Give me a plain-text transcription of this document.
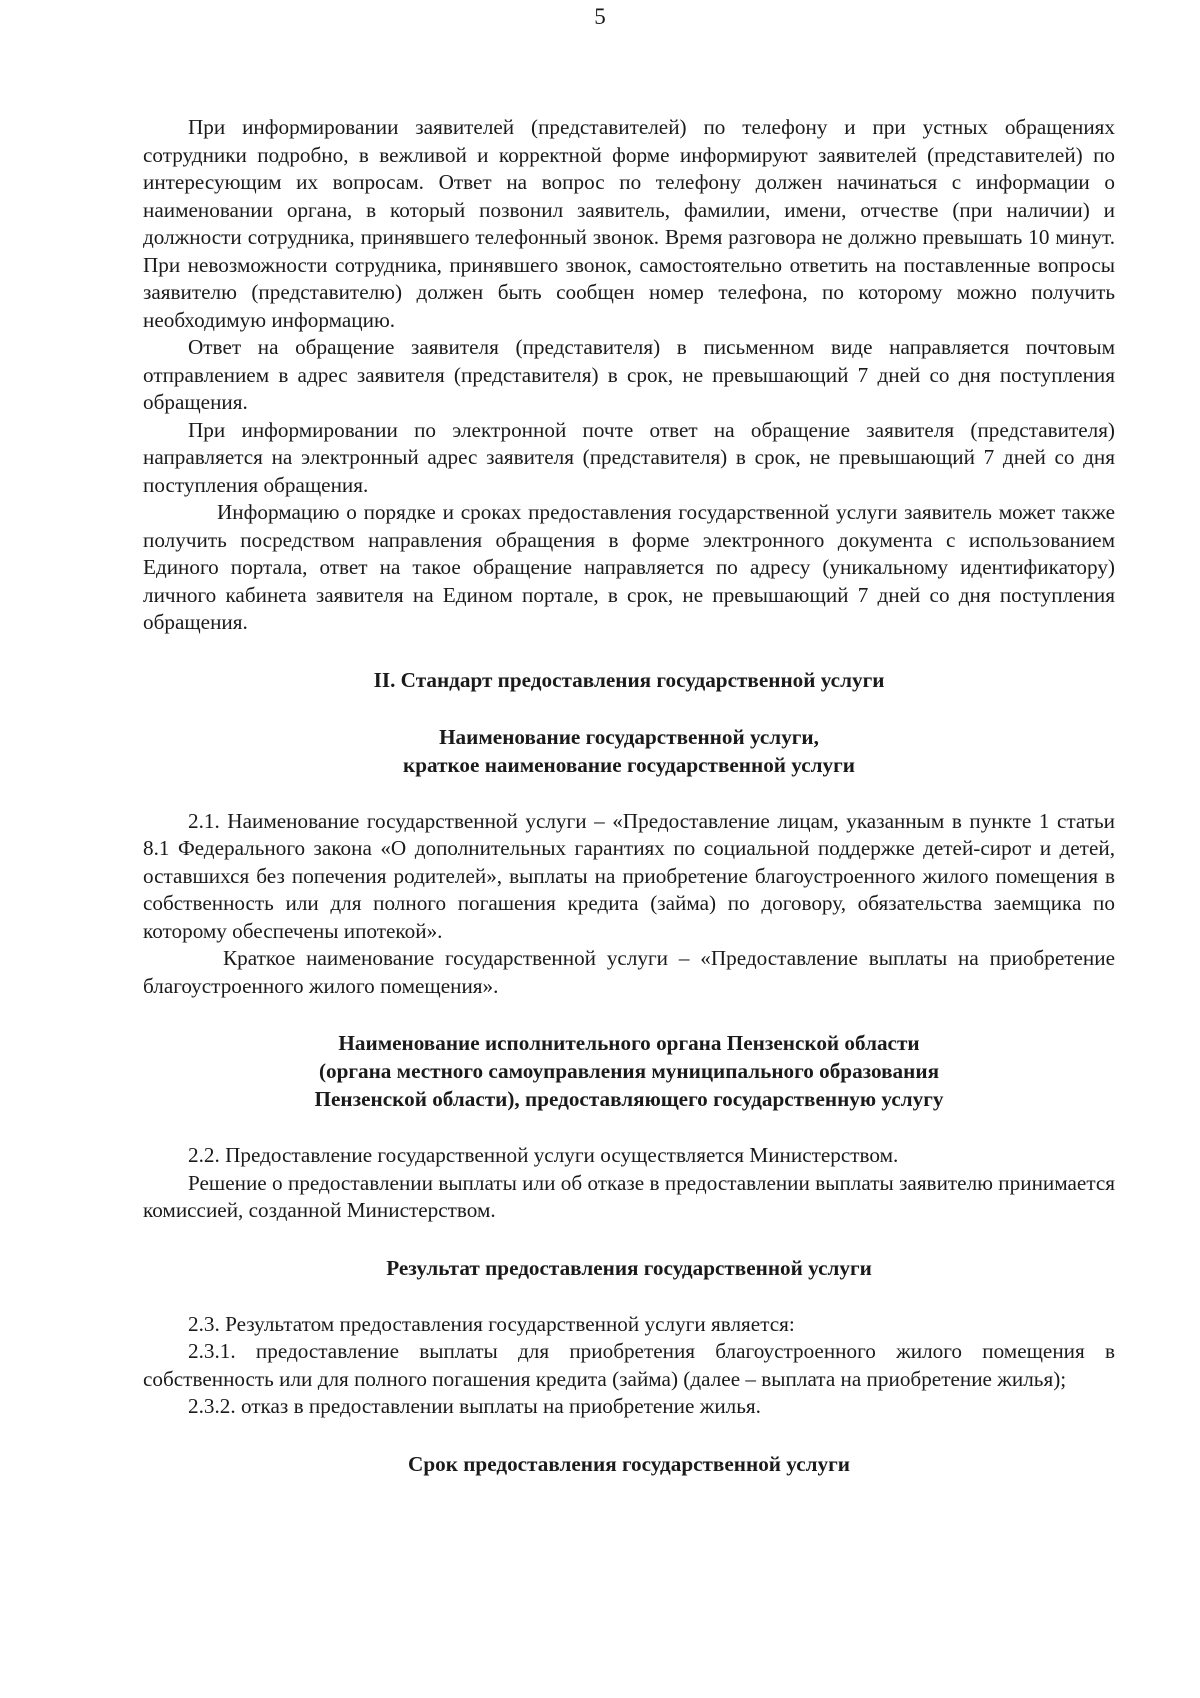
5

При информировании заявителей (представителей) по телефону и при устных обращениях сотрудники подробно, в вежливой и корректной форме информируют заявителей (представителей) по интересующим их вопросам. Ответ на вопрос по телефону должен начинаться с информации о наименовании органа, в который позвонил заявитель, фамилии, имени, отчестве (при наличии) и должности сотрудника, принявшего телефонный звонок. Время разговора не должно превышать 10 минут. При невозможности сотрудника, принявшего звонок, самостоятельно ответить на поставленные вопросы заявителю (представителю) должен быть сообщен номер телефона, по которому можно получить необходимую информацию.

Ответ на обращение заявителя (представителя) в письменном виде направляется почтовым отправлением в адрес заявителя (представителя) в срок, не превышающий 7 дней со дня поступления обращения.

При информировании по электронной почте ответ на обращение заявителя (представителя) направляется на электронный адрес заявителя (представителя) в срок, не превышающий 7 дней со дня поступления обращения.

Информацию о порядке и сроках предоставления государственной услуги заявитель может также получить посредством направления обращения в форме электронного документа с использованием Единого портала, ответ на такое обращение направляется по адресу (уникальному идентификатору) личного кабинета заявителя на Едином портале, в срок, не превышающий 7 дней со дня поступления обращения.

II. Стандарт предоставления государственной услуги

Наименование государственной услуги,

краткое наименование государственной услуги

2.1. Наименование государственной услуги – «Предоставление лицам, указанным в пункте 1 статьи 8.1 Федерального закона «О дополнительных гарантиях по социальной поддержке детей-сирот и детей, оставшихся без попечения родителей», выплаты на приобретение благоустроенного жилого помещения в собственность или для полного погашения кредита (займа) по договору, обязательства заемщика по которому обеспечены ипотекой».

Краткое наименование государственной услуги – «Предоставление выплаты на приобретение благоустроенного жилого помещения».

Наименование исполнительного органа Пензенской области

(органа местного самоуправления муниципального образования

Пензенской области), предоставляющего государственную услугу

2.2. Предоставление государственной услуги осуществляется Министерством.

Решение о предоставлении выплаты или об отказе в предоставлении выплаты заявителю принимается комиссией, созданной Министерством.

Результат предоставления государственной услуги

2.3. Результатом предоставления государственной услуги является:

2.3.1. предоставление выплаты для приобретения благоустроенного жилого помещения в собственность или для полного погашения кредита (займа) (далее – выплата на приобретение жилья);

2.3.2. отказ в предоставлении выплаты на приобретение жилья.

Срок предоставления государственной услуги
